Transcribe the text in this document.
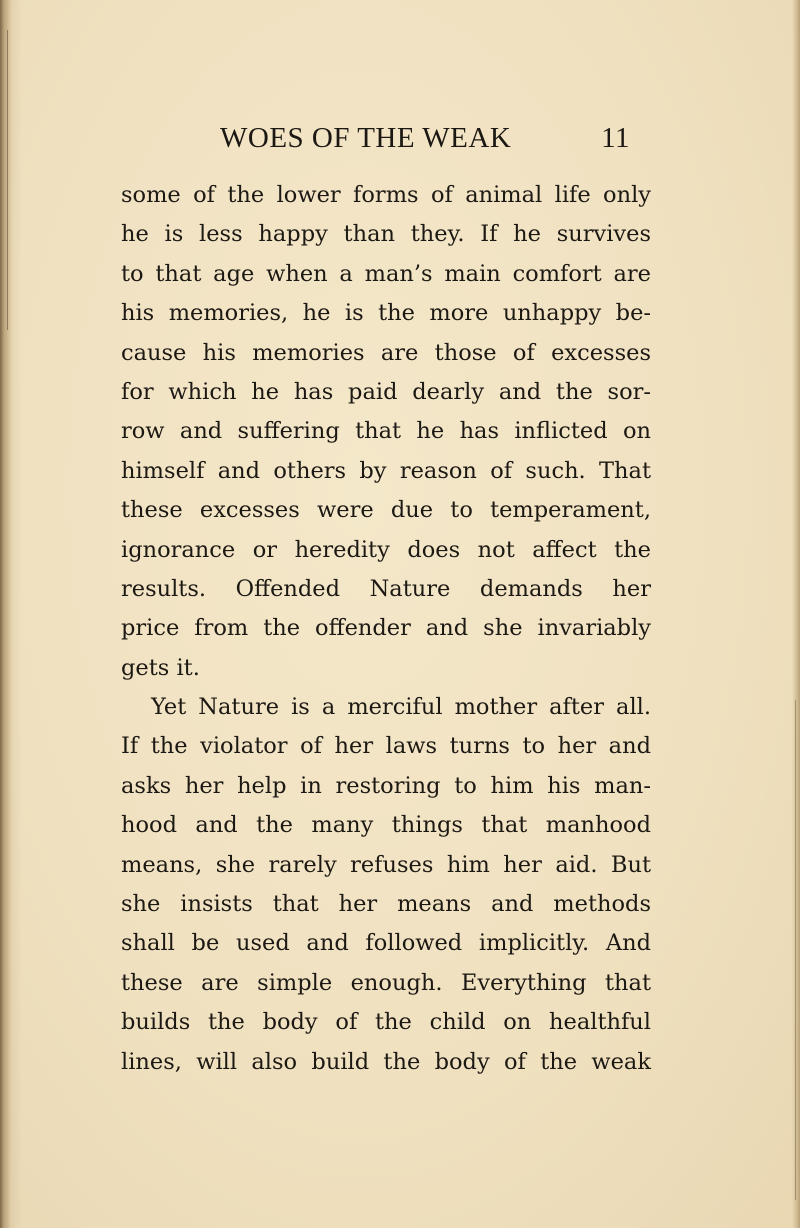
WOES OF THE WEAK	11
some of the lower forms of animal life only
he is less happy than they. If he survives
to that age when a man’s main comfort are
his memories, he is the more unhappy be-
cause his memories are those of excesses
for which he has paid dearly and the sor-
row and suffering that he has inflicted on
himself and others by reason of such. That
these excesses were due to temperament,
ignorance or heredity does not affect the
results. Offended Nature demands her
price from the offender and she invariably
gets it.
Yet Nature is a merciful mother after all.
If the violator of her laws turns to her and
asks her help in restoring to him his man-
hood and the many things that manhood
means, she rarely refuses him her aid. But
she insists that her means and methods
shall be used and followed implicitly. And
these are simple enough. Everything that
builds the body of the child on healthful
lines, will also build the body of the weak
